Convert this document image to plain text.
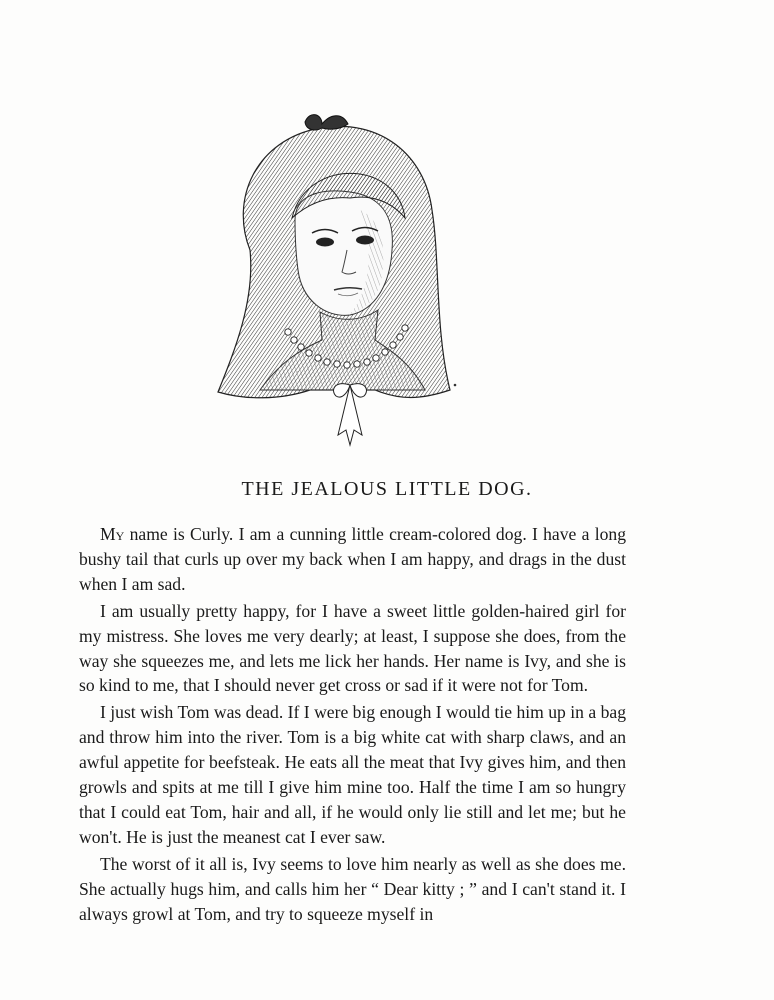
THE JEALOUS LITTLE DOG.

My name is Curly. I am a cunning little cream-colored dog. I have a long bushy tail that curls up over my back when I am happy, and drags in the dust when I am sad.

I am usually pretty happy, for I have a sweet little golden-haired girl for my mistress. She loves me very dearly; at least, I suppose she does, from the way she squeezes me, and lets me lick her hands. Her name is Ivy, and she is so kind to me, that I should never get cross or sad if it were not for Tom.

I just wish Tom was dead. If I were big enough I would tie him up in a bag and throw him into the river. Tom is a big white cat with sharp claws, and an awful appetite for beefsteak. He eats all the meat that Ivy gives him, and then growls and spits at me till I give him mine too. Half the time I am so hungry that I could eat Tom, hair and all, if he would only lie still and let me; but he won't. He is just the meanest cat I ever saw.

The worst of it all is, Ivy seems to love him nearly as well as she does me. She actually hugs him, and calls him her “ Dear kitty ; ” and I can't stand it. I always growl at Tom, and try to squeeze myself in
